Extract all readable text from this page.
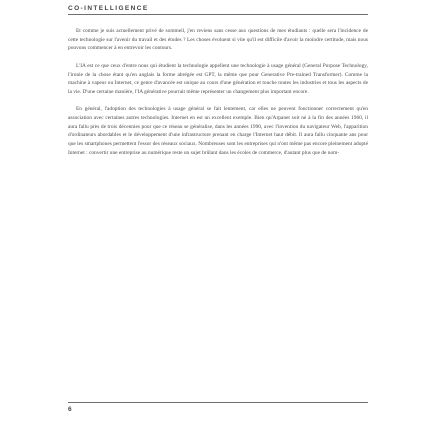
CO-INTELLIGENCE

Et comme je suis actuellement privé de sommeil, j'en reviens sans cesse aux questions de mes étudiants : quelle sera l'incidence de cette technologie sur l'avenir du travail et des études ? Les choses évoluent si vite qu'il est difficile d'avoir la moindre certitude, mais nous pouvons commencer à en entrevoir les contours.

L'IA est ce que ceux d'entre nous qui étudient la technologie appellent une technologie à usage général (General Purpose Technology, l'ironie de la chose étant qu'en anglais la forme abrégée est GPT, la même que pour Generative Pre-trained Transformer). Comme la machine à vapeur ou Internet, ce genre d'avancée est unique au cours d'une génération et touche toutes les industries et tous les aspects de la vie. D'une certaine manière, l'IA générative pourrait même représenter un changement plus important encore.

En général, l'adoption des technologies à usage général se fait lentement, car elles ne peuvent fonctionner correctement qu'en association avec certaines autres technologies. Internet en est un excellent exemple. Bien qu'Arpanet soit né à la fin des années 1960, il aura fallu près de trois décennies pour que ce réseau se généralise, dans les années 1990, avec l'invention du navigateur Web, l'apparition d'ordinateurs abordables et le développement d'une infrastructure prenant en charge l'Internet haut débit. Il aura fallu cinquante ans pour que les smartphones permettent l'essor des réseaux sociaux. Nombreuses sont les entreprises qui n'ont même pas encore pleinement adopté Internet : convertir une entreprise au numérique reste un sujet brûlant dans les écoles de commerce, d'autant plus que de nom-

6
